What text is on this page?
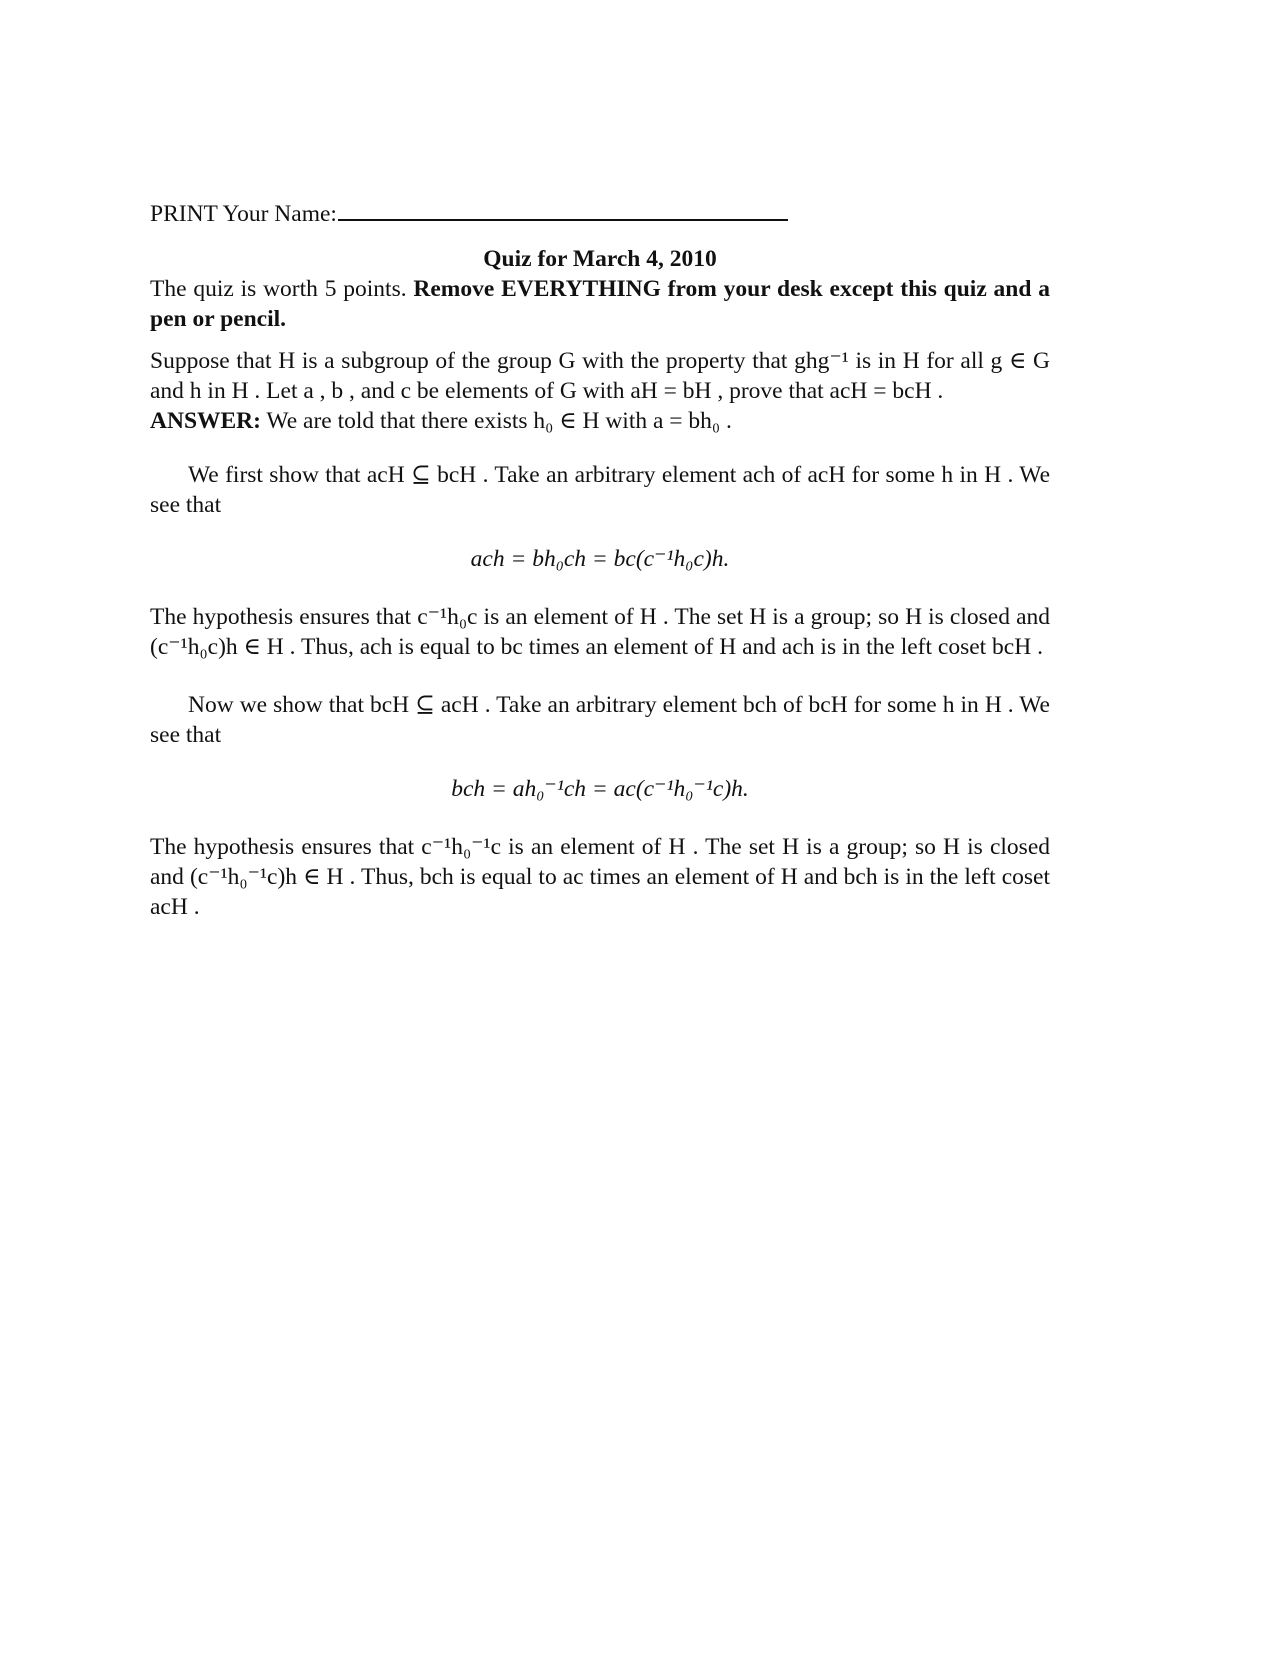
PRINT Your Name:
Quiz for March 4, 2010
The quiz is worth 5 points. Remove EVERYTHING from your desk except this quiz and a pen or pencil.
Suppose that H is a subgroup of the group G with the property that ghg⁻¹ is in H for all g ∈ G and h in H . Let a , b , and c be elements of G with aH = bH , prove that acH = bcH .
ANSWER: We are told that there exists h₀ ∈ H with a = bh₀ .
We first show that acH ⊆ bcH . Take an arbitrary element ach of acH for some h in H . We see that
ach = bh₀ch = bc(c⁻¹h₀c)h.
The hypothesis ensures that c⁻¹h₀c is an element of H . The set H is a group; so H is closed and (c⁻¹h₀c)h ∈ H . Thus, ach is equal to bc times an element of H and ach is in the left coset bcH .
Now we show that bcH ⊆ acH . Take an arbitrary element bch of bcH for some h in H . We see that
bch = ah₀⁻¹ch = ac(c⁻¹h₀⁻¹c)h.
The hypothesis ensures that c⁻¹h₀⁻¹c is an element of H . The set H is a group; so H is closed and (c⁻¹h₀⁻¹c)h ∈ H . Thus, bch is equal to ac times an element of H and bch is in the left coset acH .
